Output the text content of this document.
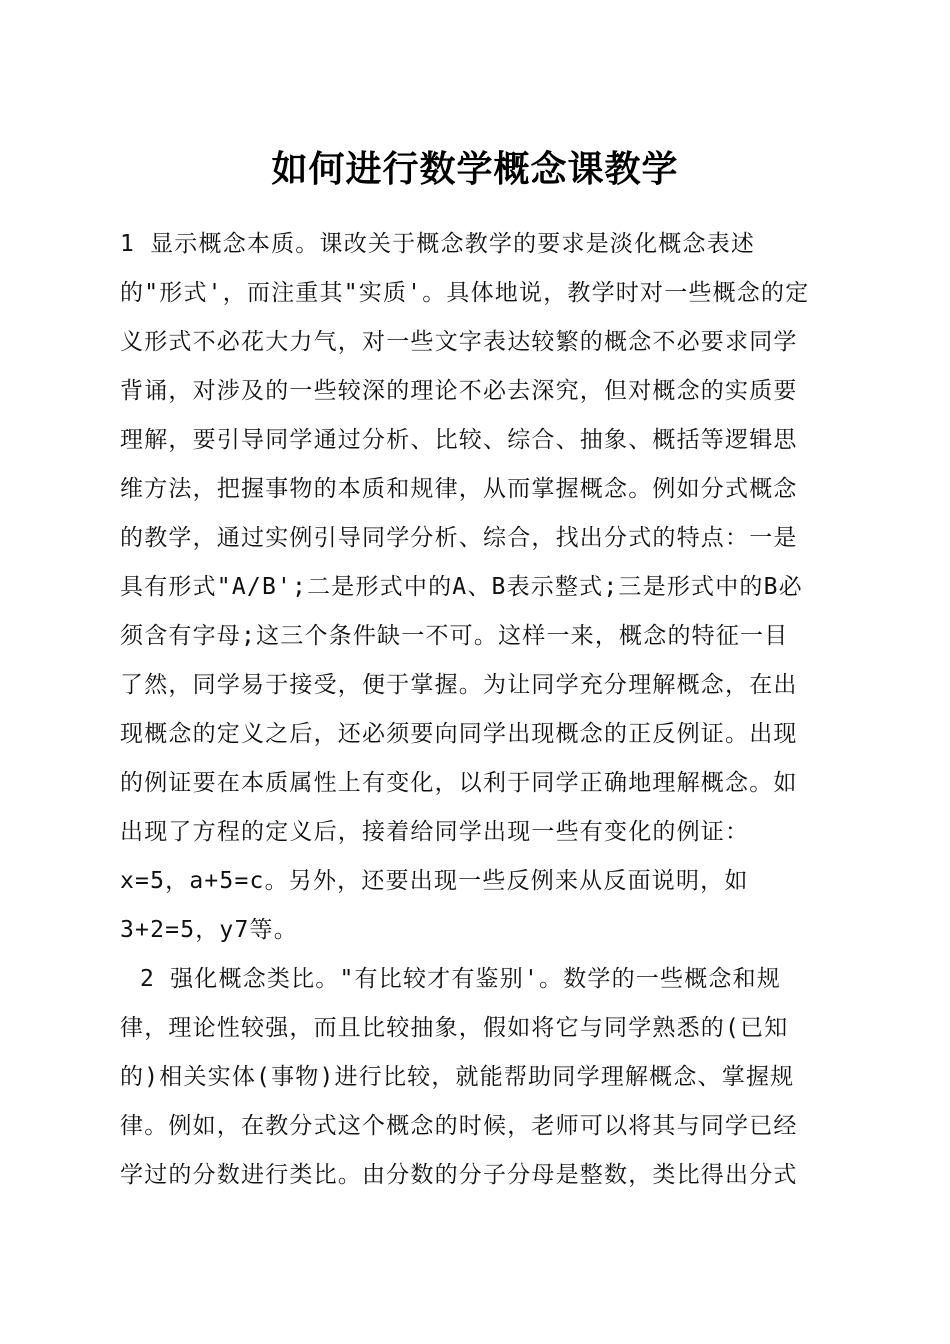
如何进行数学概念课教学
1 显示概念本质。课改关于概念教学的要求是淡化概念表述
的"形式'，而注重其"实质'。具体地说，教学时对一些概念的定
义形式不必花大力气，对一些文字表达较繁的概念不必要求同学
背诵，对涉及的一些较深的理论不必去深究，但对概念的实质要
理解，要引导同学通过分析、比较、综合、抽象、概括等逻辑思
维方法，把握事物的本质和规律，从而掌握概念。例如分式概念
的教学，通过实例引导同学分析、综合，找出分式的特点：一是
具有形式"A/B';二是形式中的A、B表示整式;三是形式中的B必
须含有字母;这三个条件缺一不可。这样一来，概念的特征一目
了然，同学易于接受，便于掌握。为让同学充分理解概念，在出
现概念的定义之后，还必须要向同学出现概念的正反例证。出现
的例证要在本质属性上有变化，以利于同学正确地理解概念。如
出现了方程的定义后，接着给同学出现一些有变化的例证：
x=5，a+5=c。另外，还要出现一些反例来从反面说明，如
3+2=5，y7等。
2 强化概念类比。"有比较才有鉴别'。数学的一些概念和规
律，理论性较强，而且比较抽象，假如将它与同学熟悉的(已知
的)相关实体(事物)进行比较，就能帮助同学理解概念、掌握规
律。例如，在教分式这个概念的时候，老师可以将其与同学已经
学过的分数进行类比。由分数的分子分母是整数，类比得出分式
